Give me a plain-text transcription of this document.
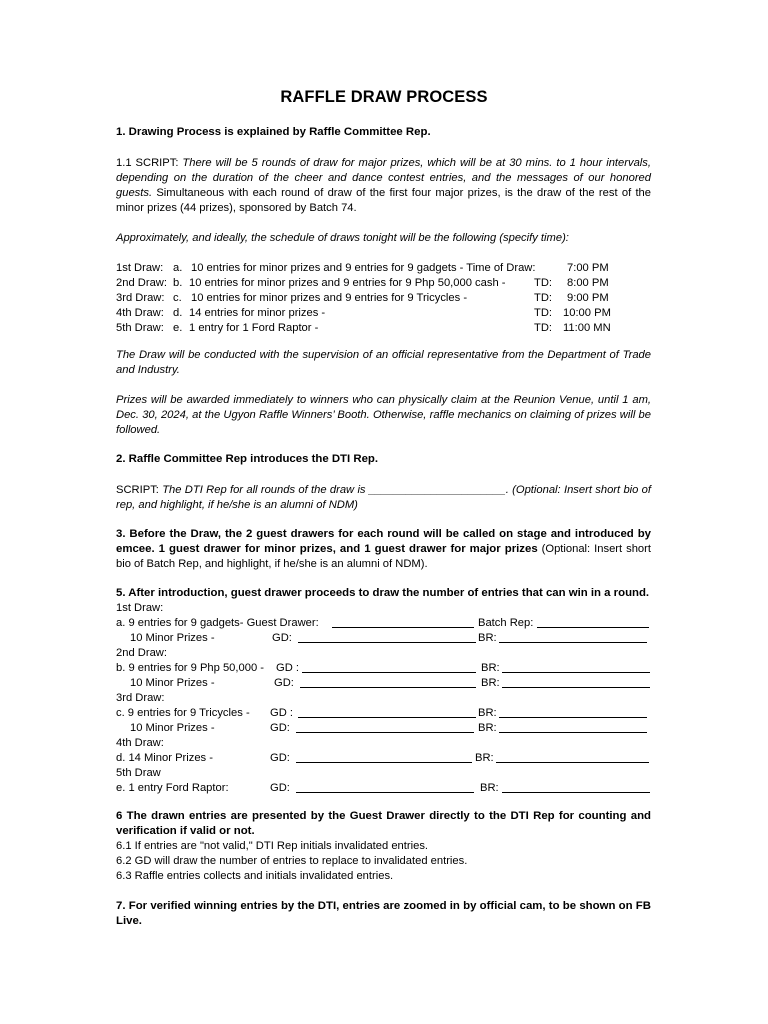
RAFFLE DRAW PROCESS

1. Drawing Process is explained by Raffle Committee Rep.

1.1 SCRIPT: There will be 5 rounds of draw for major prizes, which will be at 30 mins. to 1 hour intervals, depending on the duration of the cheer and dance contest entries, and the messages of our honored guests. Simultaneous with each round of draw of the first four major prizes, is the draw of the rest of the minor prizes (44 prizes), sponsored by Batch 74.

Approximately, and ideally, the schedule of draws tonight will be the following (specify time):

1st Draw: a. 10 entries for minor prizes and 9 entries for 9 gadgets - Time of Draw:	7:00 PM
2nd Draw: b. 10 entries for minor prizes and 9 entries for 9 Php 50,000 cash -	TD: 8:00 PM
3rd Draw: c. 10 entries for minor prizes and 9 entries for 9 Tricycles -	TD: 9:00 PM
4th Draw: d. 14 entries for minor prizes -	TD: 10:00 PM
5th Draw: e. 1 entry for 1 Ford Raptor -	TD: 11:00 MN

The Draw will be conducted with the supervision of an official representative from the Department of Trade and Industry.

Prizes will be awarded immediately to winners who can physically claim at the Reunion Venue, until 1 am, Dec. 30, 2024, at the Ugyon Raffle Winners’ Booth. Otherwise, raffle mechanics on claiming of prizes will be followed.

2. Raffle Committee Rep introduces the DTI Rep.

SCRIPT: The DTI Rep for all rounds of the draw is ______________________. (Optional: Insert short bio of rep, and highlight, if he/she is an alumni of NDM)

3. Before the Draw, the 2 guest drawers for each round will be called on stage and introduced by emcee. 1 guest drawer for minor prizes, and 1 guest drawer for major prizes (Optional: Insert short bio of Batch Rep, and highlight, if he/she is an alumni of NDM).

5. After introduction, guest drawer proceeds to draw the number of entries that can win in a round.

1st Draw:
a. 9 entries for 9 gadgets- Guest Drawer:	Batch Rep:
10 Minor Prizes -	GD:	BR:
2nd Draw:
b. 9 entries for 9 Php 50,000 - GD :	BR:
10 Minor Prizes -	GD:	BR:
3rd Draw:
c. 9 entries for 9 Tricycles - GD :	BR:
10 Minor Prizes -	GD:	BR:
4th Draw:
d. 14 Minor Prizes -	GD:	BR:
5th Draw
e. 1 entry Ford Raptor:	GD:	BR:

6 The drawn entries are presented by the Guest Drawer directly to the DTI Rep for counting and verification if valid or not.

6.1 If entries are "not valid," DTI Rep initials invalidated entries.

6.2 GD will draw the number of entries to replace to invalidated entries.

6.3 Raffle entries collects and initials invalidated entries.

7. For verified winning entries by the DTI, entries are zoomed in by official cam, to be shown on FB Live.
